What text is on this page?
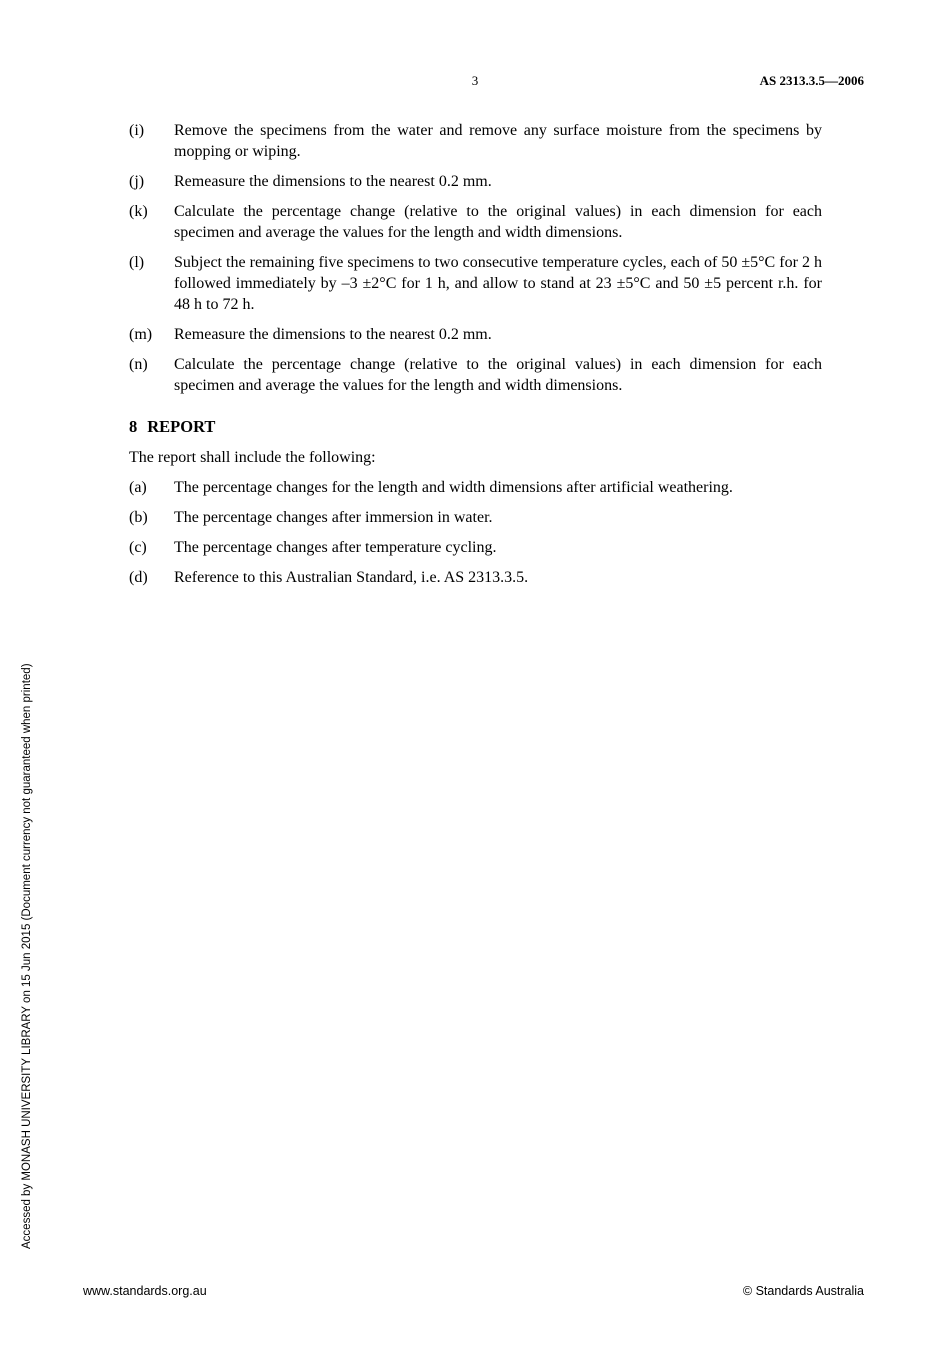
3	AS 2313.3.5—2006
(i)	Remove the specimens from the water and remove any surface moisture from the specimens by mopping or wiping.
(j)	Remeasure the dimensions to the nearest 0.2 mm.
(k)	Calculate the percentage change (relative to the original values) in each dimension for each specimen and average the values for the length and width dimensions.
(l)	Subject the remaining five specimens to two consecutive temperature cycles, each of 50 ±5°C for 2 h followed immediately by –3 ±2°C for 1 h, and allow to stand at 23 ±5°C and 50 ±5 percent r.h. for 48 h to 72 h.
(m)	Remeasure the dimensions to the nearest 0.2 mm.
(n)	Calculate the percentage change (relative to the original values) in each dimension for each specimen and average the values for the length and width dimensions.
8 REPORT
The report shall include the following:
(a)	The percentage changes for the length and width dimensions after artificial weathering.
(b)	The percentage changes after immersion in water.
(c)	The percentage changes after temperature cycling.
(d)	Reference to this Australian Standard, i.e. AS 2313.3.5.
Accessed by MONASH UNIVERSITY LIBRARY on 15 Jun 2015 (Document currency not guaranteed when printed)
www.standards.org.au	© Standards Australia
